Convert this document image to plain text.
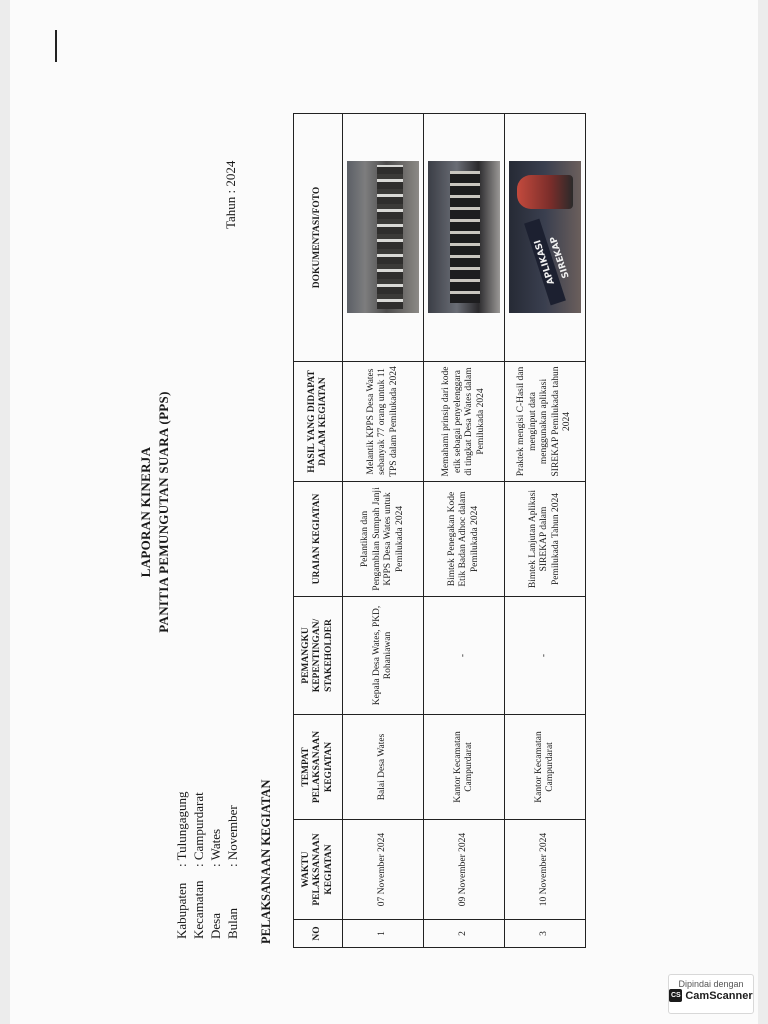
LAPORAN KINERJA PANITIA PEMUNGUTAN SUARA (PPS)
Kabupaten
: Tulungagung
Kecamatan
: Campurdarat
Desa
: Wates
Bulan
: November
Tahun : 2024
PELAKSANAAN KEGIATAN	NO	WAKTU PELAKSANAAN KEGIATAN	TEMPAT PELAKSANAAN KEGIATAN	PEMANGKU KEPENTINGAN/ STAKEHOLDER	URAIAN KEGIATAN	HASIL YANG DIDAPAT DALAM KEGIATAN	DOKUMENTASI/FOTO
1	07 November 2024	Balai Desa Wates	Kepala Desa Wates, PKD, Rohaniawan	Pelantikan dan Pengambilan Sumpah Janji KPPS Desa Wates untuk Pemilukada 2024	Melantik KPPS Desa Wates sebanyak 77 orang untuk 11 TPS dalam Pemilukada 2024	

2	09 November 2024	Kantor Kecamatan Campurdarat	-	Bimtek Penegakan Kode Etik Badan Adhoc dalam Pemilukada 2024	Memahami prinsip dari kode etik sebagai penyelenggara di tingkat Desa Wates dalam Pemilukada 2024	

3	10 November 2024	Kantor Kecamatan Campurdarat	-	Bimtek Lanjutan Aplikasi SIREKAP dalam Pemilukada Tahun 2024	Praktek mengisi C-Hasil dan menginput data menggunakan aplikasi SIREKAP Pemilukada tahun 2024	APLIKASI SIREKAP
Dipindai dengan
CS CamScanner
